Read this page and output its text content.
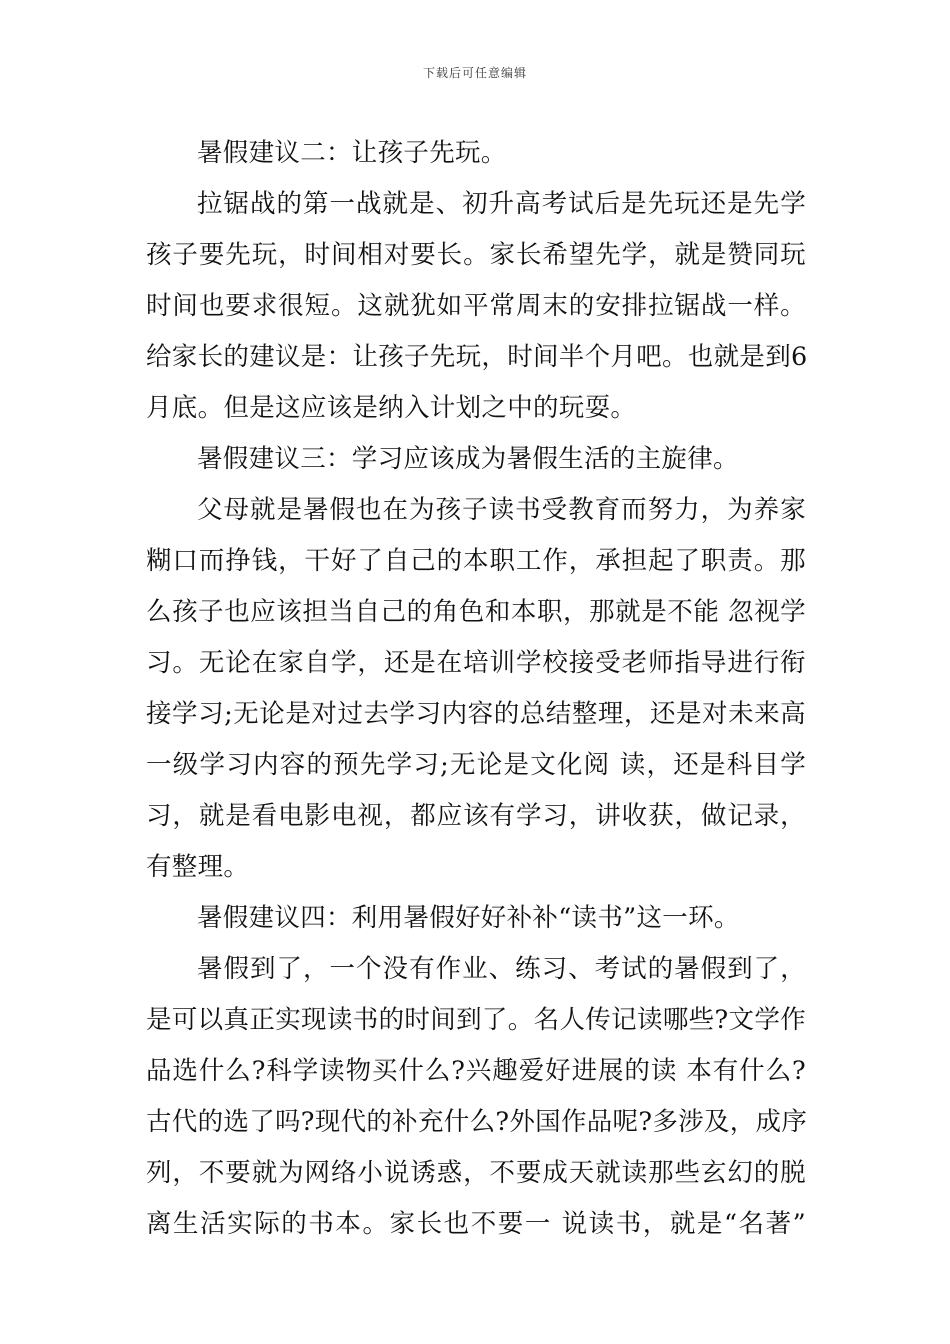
下载后可任意编辑
暑假建议二：让孩子先玩。
拉锯战的第一战就是、初升高考试后是先玩还是先学
孩子要先玩，时间相对要长。家长希望先学，就是赞同玩
时间也要求很短。这就犹如平常周末的安排拉锯战一样。
给家长的建议是：让孩子先玩，时间半个月吧。也就是到6
月底。但是这应该是纳入计划之中的玩耍。
暑假建议三：学习应该成为暑假生活的主旋律。
父母就是暑假也在为孩子读书受教育而努力，为养家
糊口而挣钱，干好了自己的本职工作，承担起了职责。那
么孩子也应该担当自己的角色和本职，那就是不能 忽视学
习。无论在家自学，还是在培训学校接受老师指导进行衔
接学习;无论是对过去学习内容的总结整理，还是对未来高
一级学习内容的预先学习;无论是文化阅 读，还是科目学
习，就是看电影电视，都应该有学习，讲收获，做记录，
有整理。
暑假建议四：利用暑假好好补补“读书”这一环。
暑假到了，一个没有作业、练习、考试的暑假到了，
是可以真正实现读书的时间到了。名人传记读哪些?文学作
品选什么?科学读物买什么?兴趣爱好进展的读 本有什么?
古代的选了吗?现代的补充什么?外国作品呢?多涉及，成序
列，不要就为网络小说诱惑，不要成天就读那些玄幻的脱
离生活实际的书本。家长也不要一 说读书，就是“名著”
